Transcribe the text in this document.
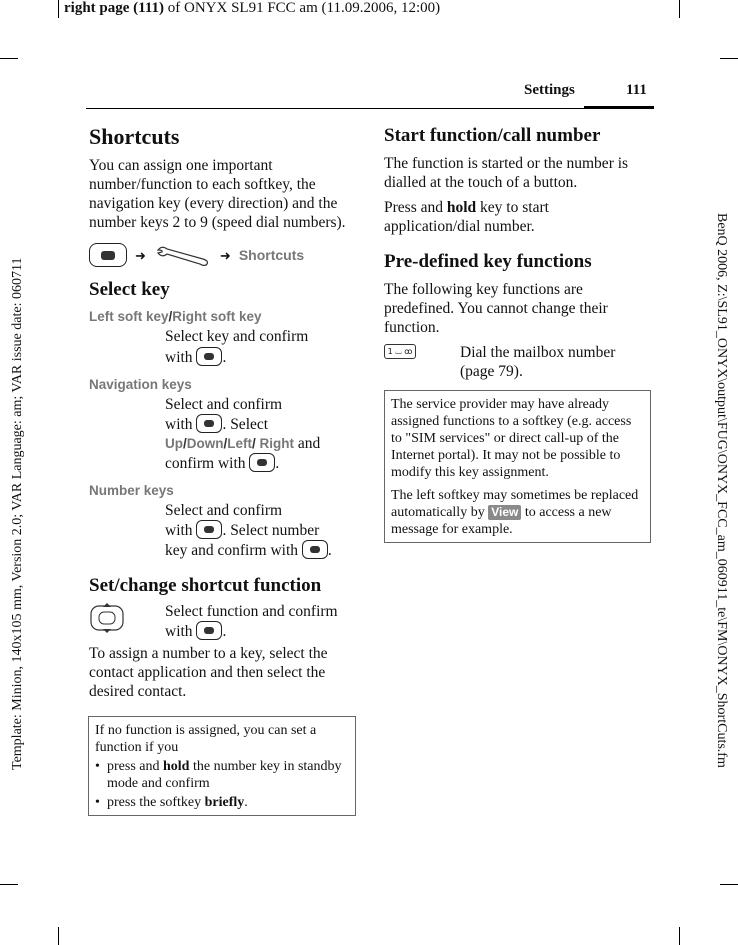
right page (111) of ONYX SL91 FCC am (11.09.2006, 12:00)
Template: Minion, 140x105 mm, Version 2.0; VAR Language: am; VAR issue date: 060711	BenQ 2006, Z:\SL91_ONYX\output\FUG\ONYX_FCC_am_060911_te\FM\ONYX_ShortCuts.fm
Settings	111
Shortcuts

You can assign one important number/function to each softkey, the navigation key (every direction) and the number keys 2 to 9 (speed dial numbers).

➜	➜ Shortcuts
Select key
Left soft key/Right soft key
Select key and confirm
with .
Navigation keys
Select and confirm
with . Select
Up/Down/Left/ Right and
confirm with .
Number keys
Select and confirm
with . Select number
key and confirm with .
Set/change shortcut function
Select function and confirm
with .

To assign a number to a key, select the contact application and then select the desired contact.

If no function is assigned, you can set a function if you
• press and hold the number key in standby mode and confirm
• press the softkey briefly.
Start function/call number

The function is started or the number is dialled at the touch of a button.

Press and hold key to start application/dial number.

Pre-defined key functions

The following key functions are predefined. You cannot change their function.

1 ⌴ ꝏ	Dial the mailbox number (page 79).
The service provider may have already assigned functions to a softkey (e.g. access to "SIM services" or direct call-up of the Internet portal). It may not be possible to modify this key assignment.
The left softkey may sometimes be replaced automatically by View to access a new message for example.
